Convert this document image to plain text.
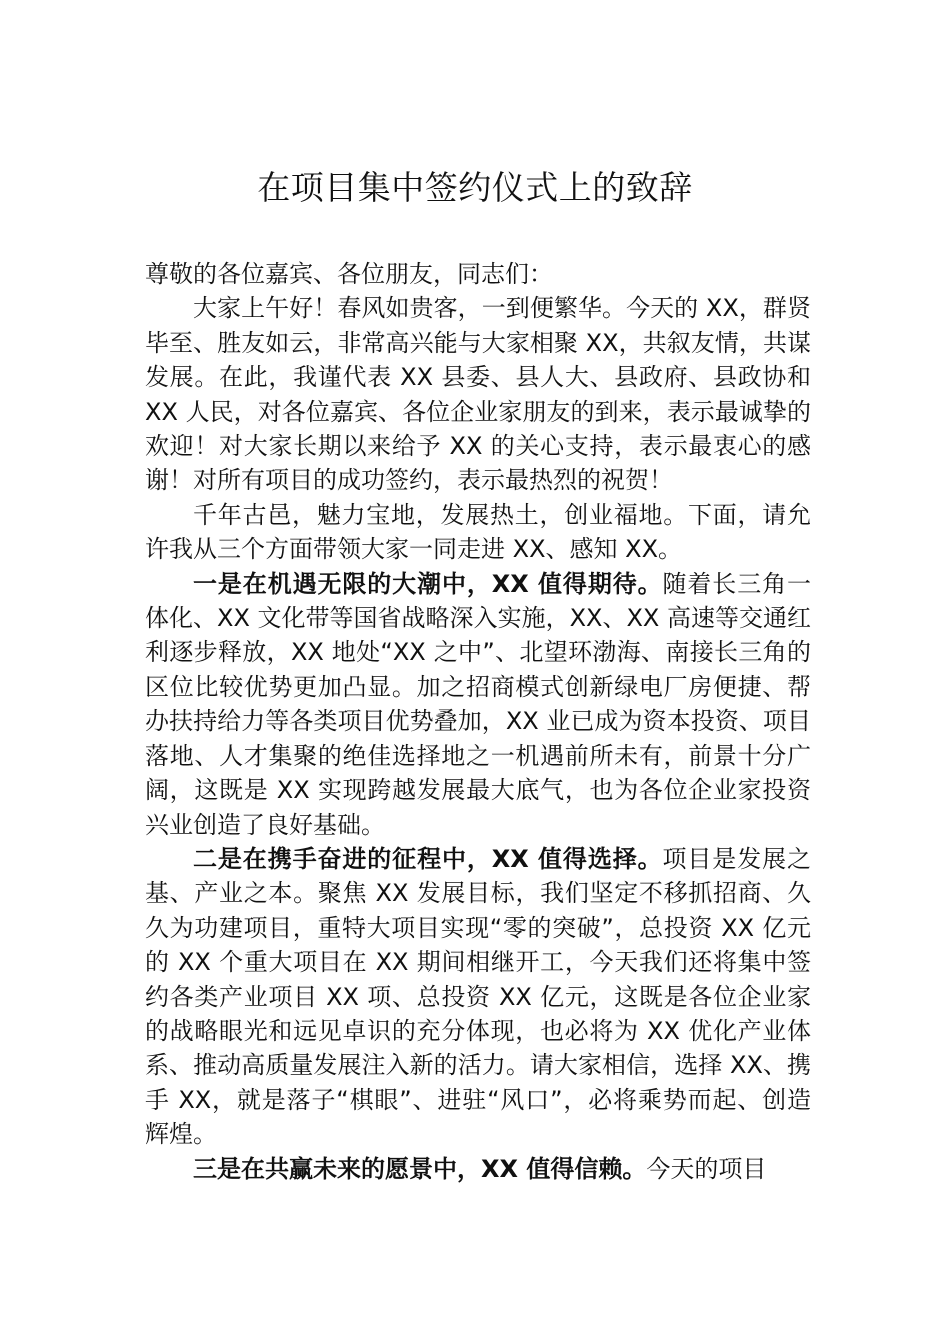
在项目集中签约仪式上的致辞

尊敬的各位嘉宾、各位朋友，同志们：

大家上午好！春风如贵客，一到便繁华。今天的 XX，群贤毕至、胜友如云，非常高兴能与大家相聚 XX，共叙友情，共谋发展。在此，我谨代表 XX 县委、县人大、县政府、县政协和 XX 人民，对各位嘉宾、各位企业家朋友的到来，表示最诚挚的欢迎！对大家长期以来给予 XX 的关心支持，表示最衷心的感谢！对所有项目的成功签约，表示最热烈的祝贺！

千年古邑，魅力宝地，发展热土，创业福地。下面，请允许我从三个方面带领大家一同走进 XX、感知 XX。

一是在机遇无限的大潮中，XX 值得期待。随着长三角一体化、XX 文化带等国省战略深入实施，XX、XX 高速等交通红利逐步释放，XX 地处“XX 之中”、北望环渤海、南接长三角的区位比较优势更加凸显。加之招商模式创新绿电厂房便捷、帮办扶持给力等各类项目优势叠加，XX 业已成为资本投资、项目落地、人才集聚的绝佳选择地之一机遇前所未有，前景十分广阔，这既是 XX 实现跨越发展最大底气，也为各位企业家投资兴业创造了良好基础。

二是在携手奋进的征程中，XX 值得选择。项目是发展之基、产业之本。聚焦 XX 发展目标，我们坚定不移抓招商、久久为功建项目，重特大项目实现“零的突破”，总投资 XX 亿元的 XX 个重大项目在 XX 期间相继开工，今天我们还将集中签约各类产业项目 XX 项、总投资 XX 亿元，这既是各位企业家的战略眼光和远见卓识的充分体现，也必将为 XX 优化产业体系、推动高质量发展注入新的活力。请大家相信，选择 XX、携手 XX，就是落子“棋眼”、进驻“风口”，必将乘势而起、创造辉煌。

三是在共赢未来的愿景中，XX 值得信赖。今天的项目
